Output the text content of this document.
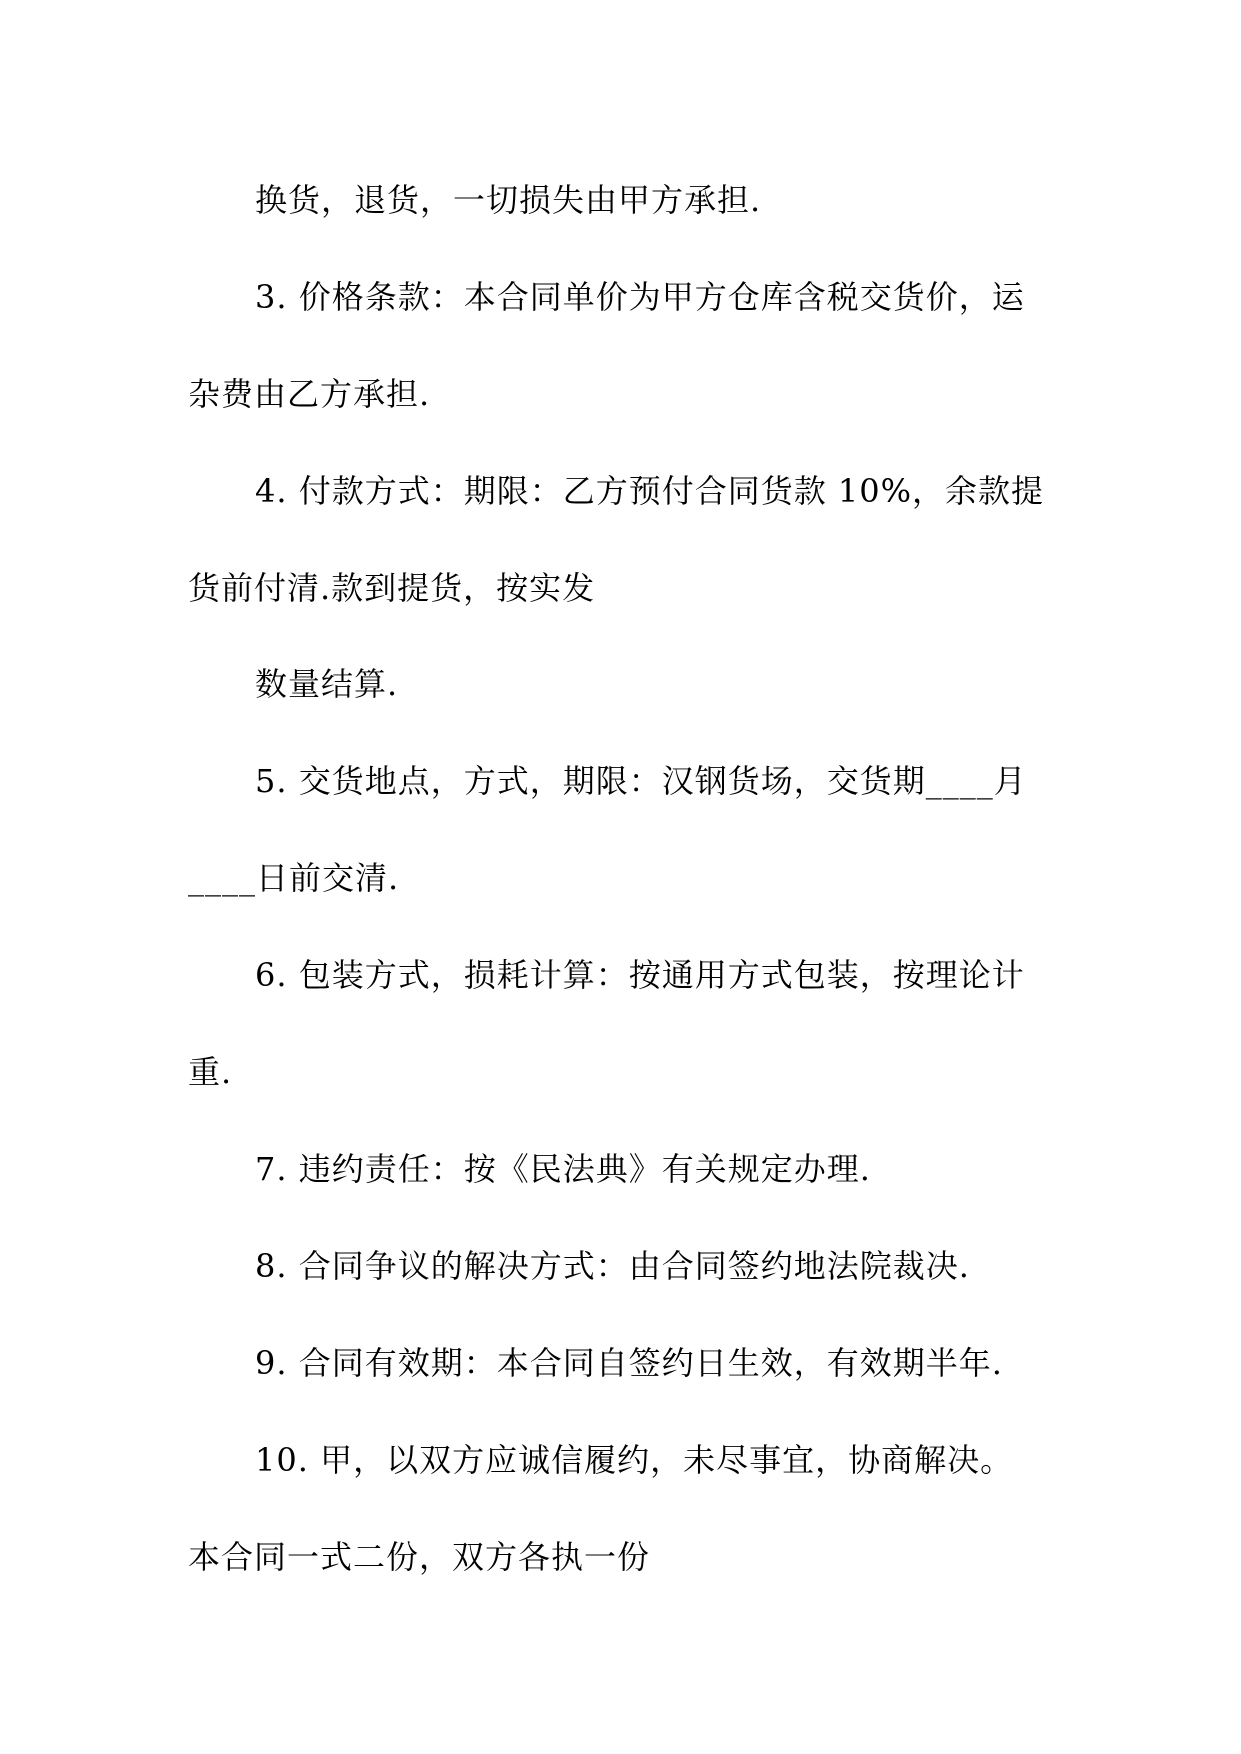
换货，退货，一切损失由甲方承担.

3. 价格条款：本合同单价为甲方仓库含税交货价，运

杂费由乙方承担.

4. 付款方式：期限：乙方预付合同货款 10%，余款提

货前付清.款到提货，按实发

数量结算.

5. 交货地点，方式，期限：汉钢货场，交货期____月

____日前交清.

6. 包装方式，损耗计算：按通用方式包装，按理论计

重.

7. 违约责任：按《民法典》有关规定办理.

8. 合同争议的解决方式：由合同签约地法院裁决.

9. 合同有效期：本合同自签约日生效，有效期半年.

10. 甲，以双方应诚信履约，未尽事宜，协商解决。

本合同一式二份，双方各执一份
